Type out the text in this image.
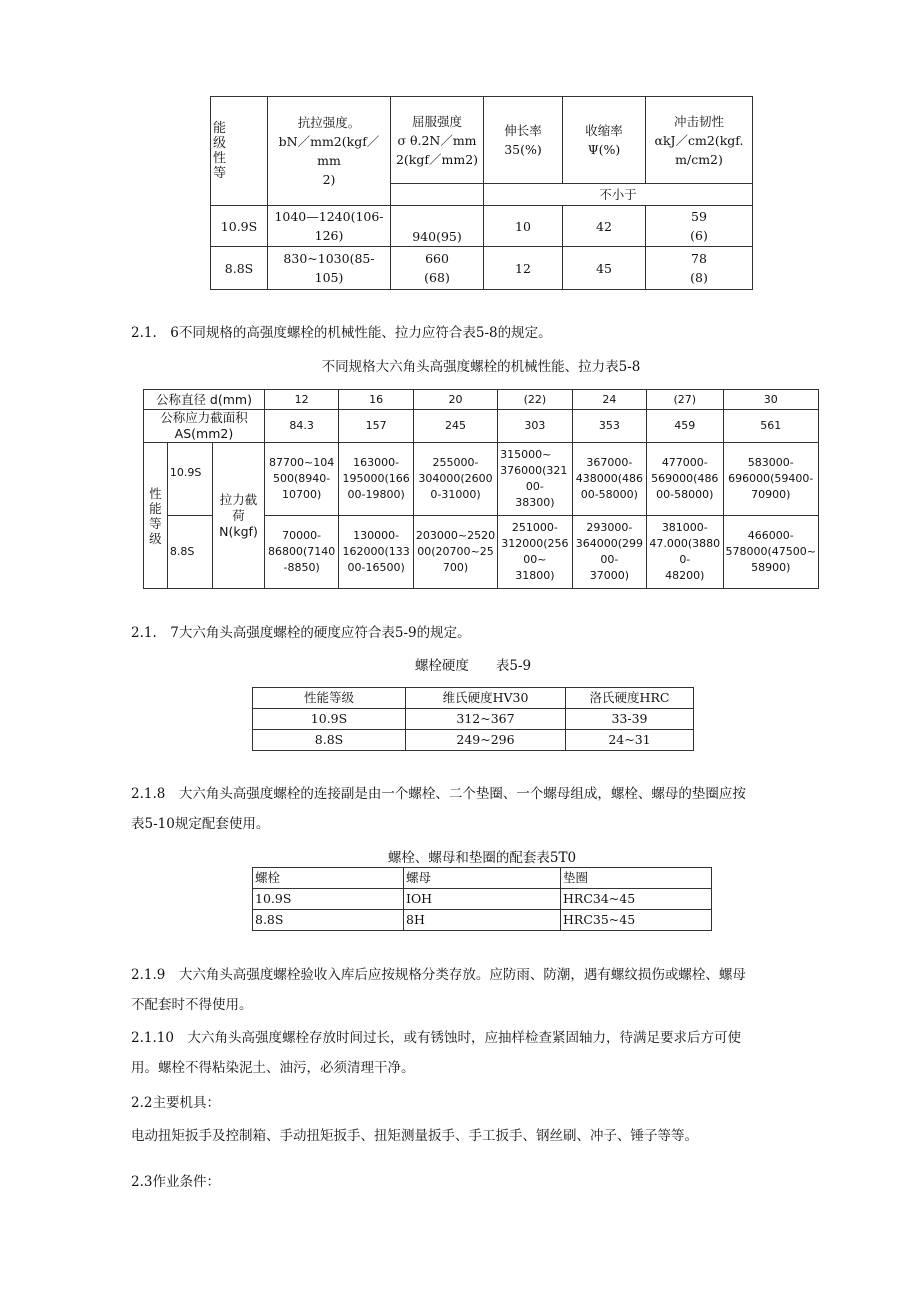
能
级
性
等	抗拉强度。
bN／mm2(kgf／mm
2)	屈服强度
σ θ.2N／mm
2(kgf／mm2)	伸长率
35(%)	收缩率
Ψ(%)	冲击韧性
αkJ／cm2(kgf.
m/cm2)

			不小于		
10.9S	1040—1240(106-
126)	940(95)	10	42	59
(6)

8.8S	830~1030(85-
105)	660
(68)	12	45	78
(8)
2.1.　6不同规格的高强度螺栓的机械性能、拉力应符合表5-8的规定。
不同规格大六角头高强度螺栓的机械性能、拉力表5-8
公称直径 d(mm)			12	16	20	(22)	24	(27)	30

公称应力截面积
AS(mm2)			84.3	157	245	303	353	459	561

性
能
等
级	10.9S	拉力截荷
N(kgf)	87700~104
500(8940-
10700)	163000-
195000(166
00-19800)	255000-
304000(2600
0-31000)	315000~
376000(321
00-
38300)	367000-
438000(486
00-58000)	477000-
569000(486
00-58000)	583000-
696000(59400-
70900)

	8.8S		70000-
86800(7140
-8850)	130000-
162000(133
00-16500)	203000~2520
00(20700~25
700)	251000-
312000(256
00~
31800)	293000-
364000(299
00-
37000)	381000-
47.000(3880
0-
48200)	466000-
578000(47500~
58900)
2.1.　7大六角头高强度螺栓的硬度应符合表5-9的规定。
螺栓硬度　　表5-9
性能等级	维氏硬度HV30	洛氏硬度HRC
10.9S	312~367	33-39
8.8S	249~296	24~31
2.1.8　大六角头高强度螺栓的连接副是由一个螺栓、二个垫圈、一个螺母组成，螺栓、螺母的垫圈应按
表5-10规定配套使用。
螺栓、螺母和垫圈的配套表5T0
螺栓	螺母	垫圈
10.9S	IOH	HRC34~45
8.8S	8H	HRC35~45
2.1.9　大六角头高强度螺栓验收入库后应按规格分类存放。应防雨、防潮，遇有螺纹损伤或螺栓、螺母
不配套时不得使用。
2.1.10　大六角头高强度螺栓存放时间过长，或有锈蚀时，应抽样检查紧固轴力，待满足要求后方可使
用。螺栓不得粘染泥土、油污，必须清理干净。
2.2主要机具：
电动扭矩扳手及控制箱、手动扭矩扳手、扭矩测量扳手、手工扳手、钢丝刷、冲子、锤子等等。
2.3作业条件：
